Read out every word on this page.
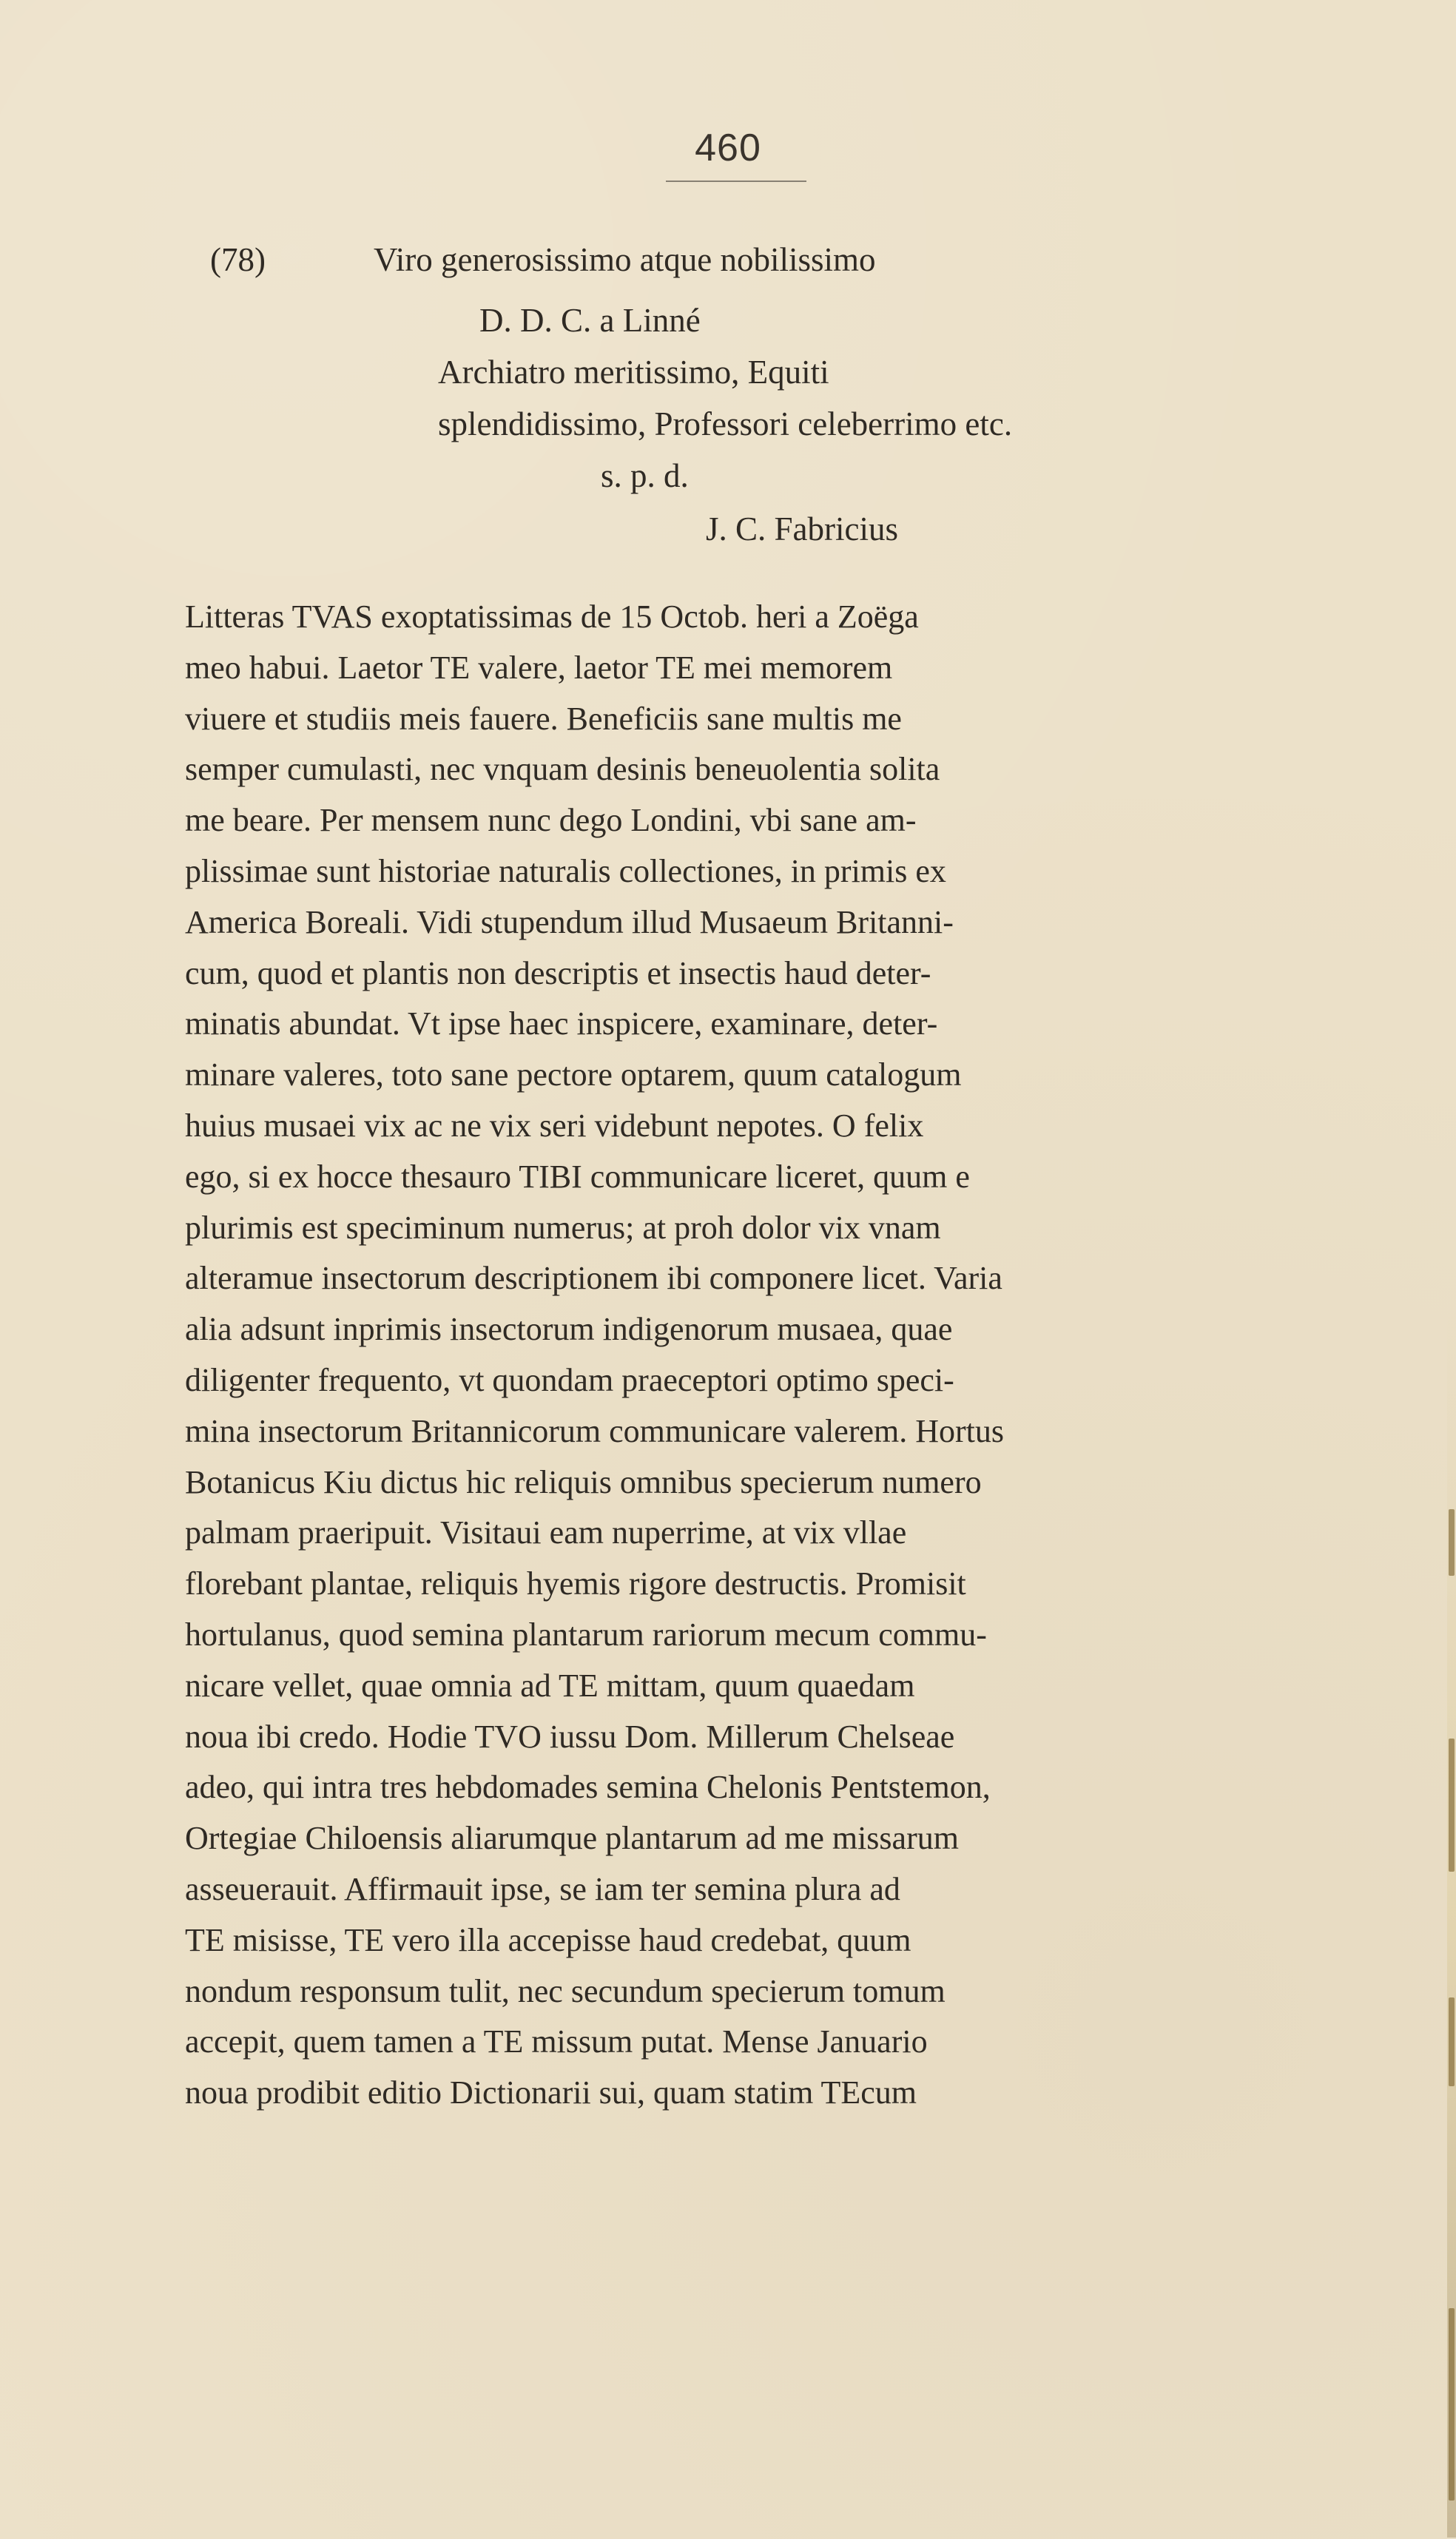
460
(78)	Viro generosissimo atque nobilissimo
D. D. C. a Linné
Archiatro meritissimo, Equiti
splendidissimo, Professori celeberrimo etc.
s. p. d.
J. C. Fabricius
Litteras TVAS exoptatissimas de 15 Octob. heri a Zoëga
meo habui. Laetor TE valere, laetor TE mei memorem
viuere et studiis meis fauere. Beneficiis sane multis me
semper cumulasti, nec vnquam desinis beneuolentia solita
me beare. Per mensem nunc dego Londini, vbi sane am-
plissimae sunt historiae naturalis collectiones, in primis ex
America Boreali. Vidi stupendum illud Musaeum Britanni-
cum, quod et plantis non descriptis et insectis haud deter-
minatis abundat. Vt ipse haec inspicere, examinare, deter-
minare valeres, toto sane pectore optarem, quum catalogum
huius musaei vix ac ne vix seri videbunt nepotes. O felix
ego, si ex hocce thesauro TIBI communicare liceret, quum e
plurimis est speciminum numerus; at proh dolor vix vnam
alteramue insectorum descriptionem ibi componere licet. Varia
alia adsunt inprimis insectorum indigenorum musaea, quae
diligenter frequento, vt quondam praeceptori optimo speci-
mina insectorum Britannicorum communicare valerem. Hortus
Botanicus Kiu dictus hic reliquis omnibus specierum numero
palmam praeripuit. Visitaui eam nuperrime, at vix vllae
florebant plantae, reliquis hyemis rigore destructis. Promisit
hortulanus, quod semina plantarum rariorum mecum commu-
nicare vellet, quae omnia ad TE mittam, quum quaedam
noua ibi credo. Hodie TVO iussu Dom. Millerum Chelseae
adeo, qui intra tres hebdomades semina Chelonis Pentstemon,
Ortegiae Chiloensis aliarumque plantarum ad me missarum
asseuerauit. Affirmauit ipse, se iam ter semina plura ad
TE misisse, TE vero illa accepisse haud credebat, quum
nondum responsum tulit, nec secundum specierum tomum
accepit, quem tamen a TE missum putat. Mense Januario
noua prodibit editio Dictionarii sui, quam statim TEcum
